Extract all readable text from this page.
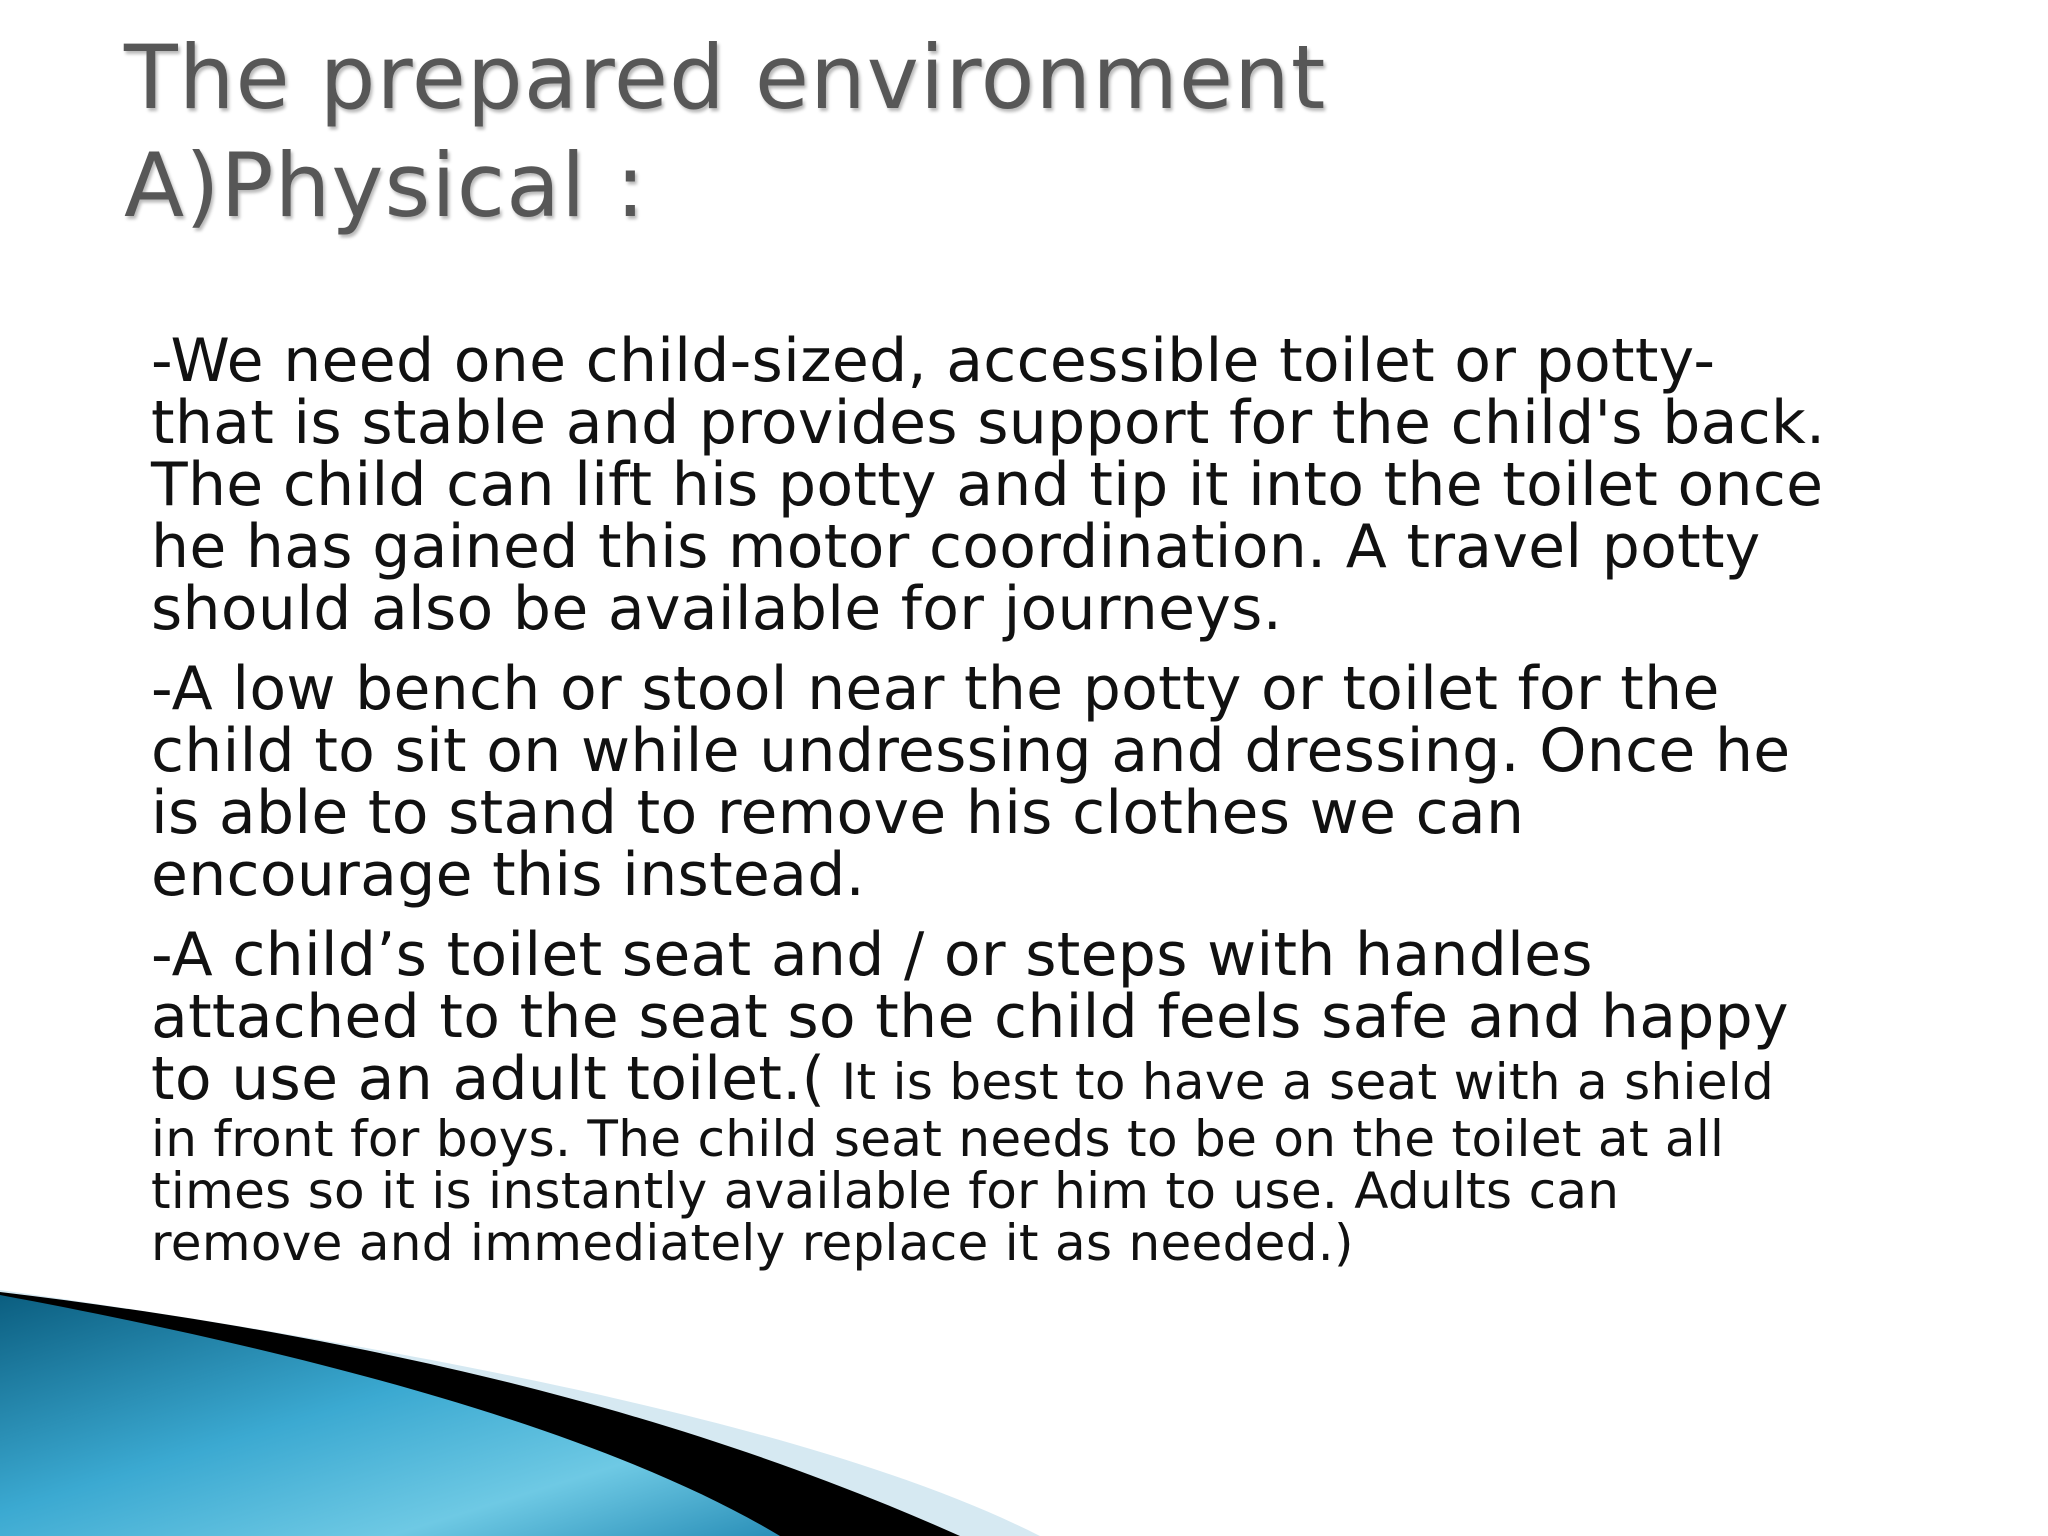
The prepared environment
A)Physical :

-We need one child-sized, accessible toilet or potty-
that is stable and provides support for the child's back.
The child can lift his potty and tip it into the toilet once
he has gained this motor coordination. A travel potty
should also be available for journeys.

-A low bench or stool near the potty or toilet for the
child to sit on while undressing and dressing. Once he
is able to stand to remove his clothes we can
encourage this instead.

-A child’s toilet seat and / or steps with handles
attached to the seat so the child feels safe and happy
to use an adult toilet.( It is best to have a seat with a shield
in front for boys. The child seat needs to be on the toilet at all
times so it is instantly available for him to use. Adults can
remove and immediately replace it as needed.)
